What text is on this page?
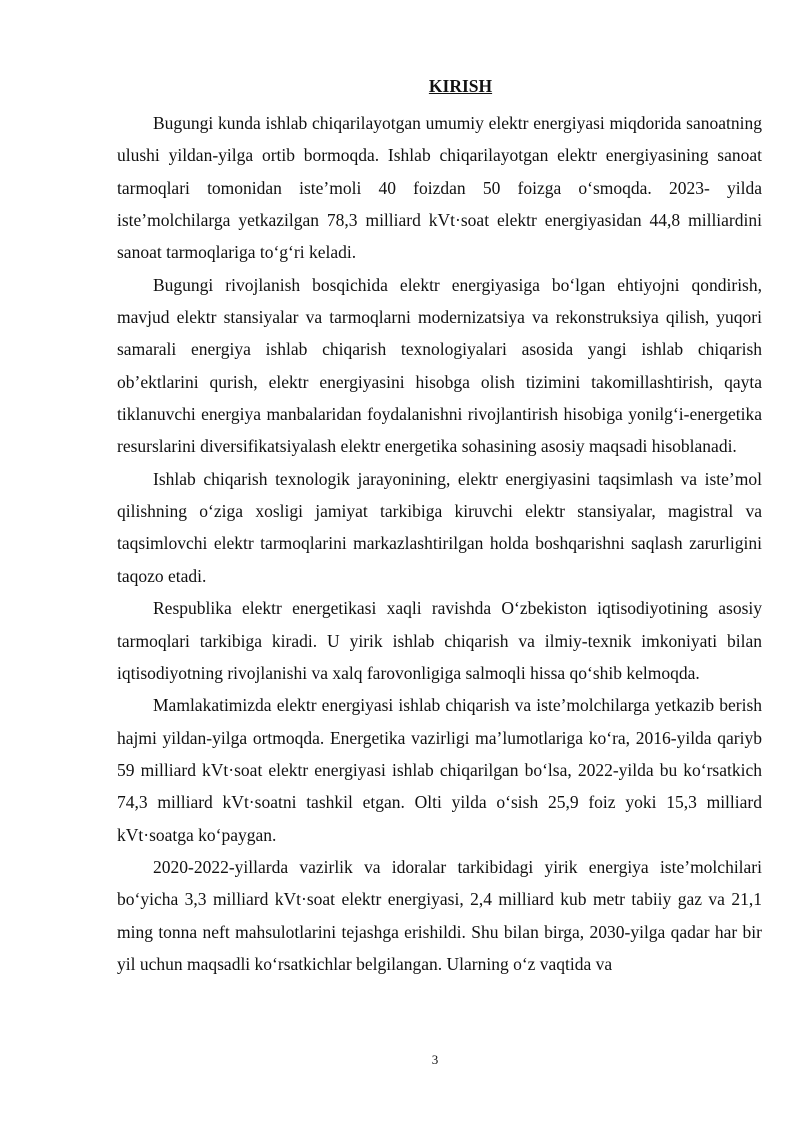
KIRISH

Bugungi kunda ishlab chiqarilayotgan umumiy elektr energiyasi miqdorida sanoatning ulushi yildan-yilga ortib bormoqda. Ishlab chiqarilayotgan elektr energiyasining sanoat tarmoqlari tomonidan iste’moli 40 foizdan 50 foizga o‘smoqda. 2023- yilda iste’molchilarga yetkazilgan 78,3 milliard kVt·soat elektr energiyasidan 44,8 milliardini sanoat tarmoqlariga to‘g‘ri keladi.

Bugungi rivojlanish bosqichida elektr energiyasiga bo‘lgan ehtiyojni qondirish, mavjud elektr stansiyalar va tarmoqlarni modernizatsiya va rekonstruksiya qilish, yuqori samarali energiya ishlab chiqarish texnologiyalari asosida yangi ishlab chiqarish ob’ektlarini qurish, elektr energiyasini hisobga olish tizimini takomillashtirish, qayta tiklanuvchi energiya manbalaridan foydalanishni rivojlantirish hisobiga yonilg‘i-energetika resurslarini diversifikatsiyalash elektr energetika sohasining asosiy maqsadi hisoblanadi.

Ishlab chiqarish texnologik jarayonining, elektr energiyasini taqsimlash va iste’mol qilishning o‘ziga xosligi jamiyat tarkibiga kiruvchi elektr stansiyalar, magistral va taqsimlovchi elektr tarmoqlarini markazlashtirilgan holda boshqarishni saqlash zarurligini taqozo etadi.

Respublika elektr energetikasi xaqli ravishda O‘zbekiston iqtisodiyotining asosiy tarmoqlari tarkibiga kiradi. U yirik ishlab chiqarish va ilmiy-texnik imkoniyati bilan iqtisodiyotning rivojlanishi va xalq farovonligiga salmoqli hissa qo‘shib kelmoqda.

Mamlakatimizda elektr energiyasi ishlab chiqarish va iste’molchilarga yetkazib berish hajmi yildan-yilga ortmoqda. Energetika vazirligi ma’lumotlariga ko‘ra, 2016-yilda qariyb 59 milliard kVt·soat elektr energiyasi ishlab chiqarilgan bo‘lsa, 2022-yilda bu ko‘rsatkich 74,3 milliard kVt·soatni tashkil etgan. Olti yilda o‘sish 25,9 foiz yoki 15,3 milliard kVt·soatga ko‘paygan.

2020-2022-yillarda vazirlik va idoralar tarkibidagi yirik energiya iste’molchilari bo‘yicha 3,3 milliard kVt·soat elektr energiyasi, 2,4 milliard kub metr tabiiy gaz va 21,1 ming tonna neft mahsulotlarini tejashga erishildi. Shu bilan birga, 2030-yilga qadar har bir yil uchun maqsadli ko‘rsatkichlar belgilangan. Ularning o‘z vaqtida va

3
